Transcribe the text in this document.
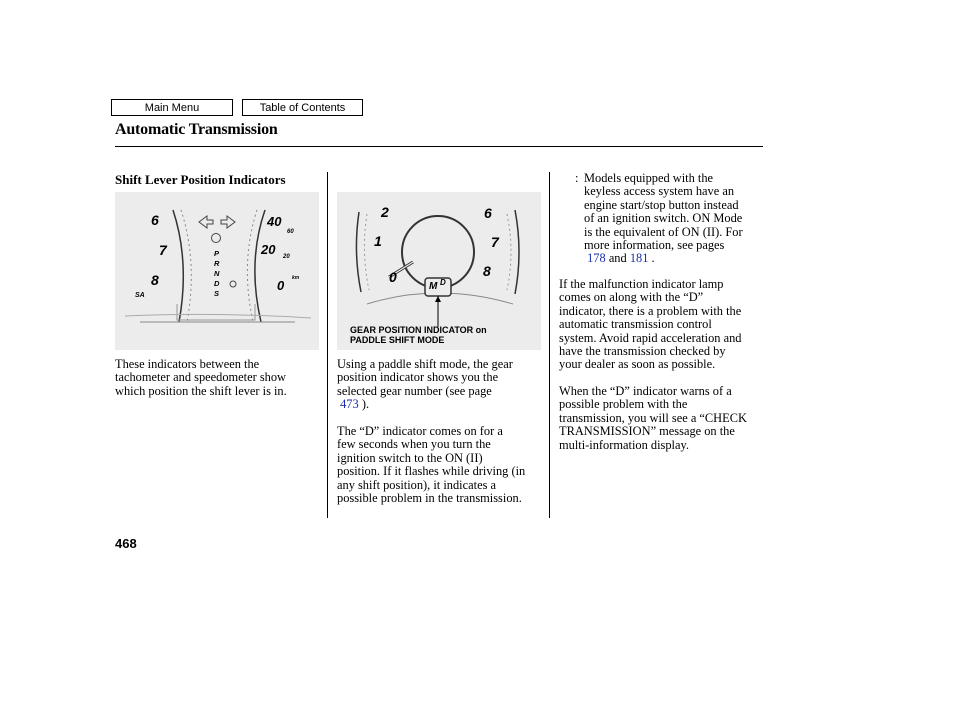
Main Menu	Table of Contents
Automatic Transmission
Shift Lever Position Indicators
6
7
8
40
20
0
60
20
km
SA
P
R
N
D
S
These indicators between the
tachometer and speedometer show
which position the shift lever is in.
2
1
0
6
7
8
M D
GEAR POSITION INDICATOR on
PADDLE SHIFT MODE
Using a paddle shift mode, the gear
position indicator shows you the
selected gear number (see page
473 ).
The “D” indicator comes on for a
few seconds when you turn the
ignition switch to the ON (II)
position. If it flashes while driving (in
any shift position), it indicates a
possible problem in the transmission.
: Models equipped with the
keyless access system have an
engine start/stop button instead
of an ignition switch. ON Mode
is the equivalent of ON (II). For
more information, see pages
178 and 181 .
If the malfunction indicator lamp
comes on along with the “D”
indicator, there is a problem with the
automatic transmission control
system. Avoid rapid acceleration and
have the transmission checked by
your dealer as soon as possible.
When the “D” indicator warns of a
possible problem with the
transmission, you will see a “CHECK
TRANSMISSION” message on the
multi-information display.
468
